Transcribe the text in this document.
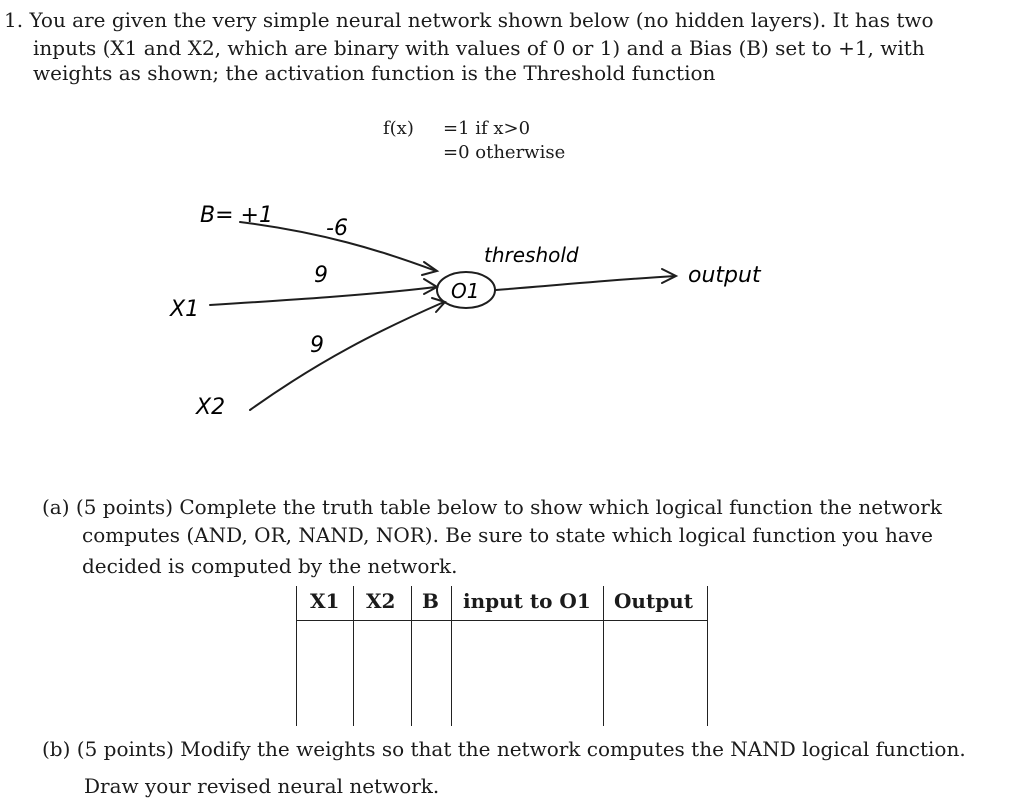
1. You are given the very simple neural network shown below (no hidden layers). It has two
inputs (X1 and X2, which are binary with values of 0 or 1) and a Bias (B) set to +1, with
weights as shown; the activation function is the Threshold function
f(x) =1 if x>0
=0 otherwise
B= +1
X1
X2
-6
9
9
O1
threshold
output
(a) (5 points) Complete the truth table below to show which logical function the network
computes (AND, OR, NAND, NOR). Be sure to state which logical function you have
decided is computed by the network.
X1 X2 B input to O1 Output
(b) (5 points) Modify the weights so that the network computes the NAND logical function.
Draw your revised neural network.
